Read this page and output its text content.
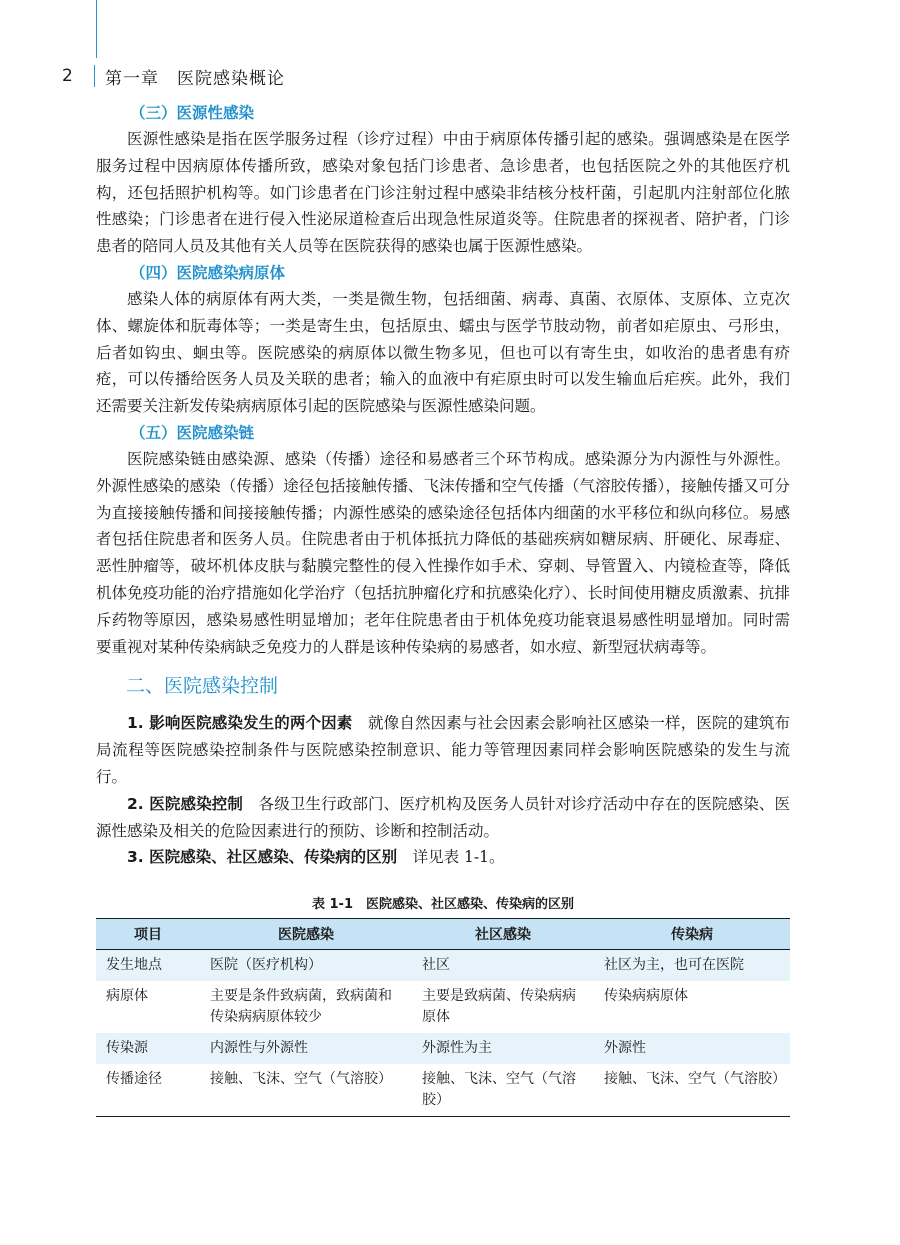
2	第一章　医院感染概论
（三）医源性感染

医源性感染是指在医学服务过程（诊疗过程）中由于病原体传播引起的感染。强调感染是在医学服务过程中因病原体传播所致，感染对象包括门诊患者、急诊患者，也包括医院之外的其他医疗机构，还包括照护机构等。如门诊患者在门诊注射过程中感染非结核分枝杆菌，引起肌内注射部位化脓性感染；门诊患者在进行侵入性泌尿道检查后出现急性尿道炎等。住院患者的探视者、陪护者，门诊患者的陪同人员及其他有关人员等在医院获得的感染也属于医源性感染。

（四）医院感染病原体

感染人体的病原体有两大类，一类是微生物，包括细菌、病毒、真菌、衣原体、支原体、立克次体、螺旋体和朊毒体等；一类是寄生虫，包括原虫、蠕虫与医学节肢动物，前者如疟原虫、弓形虫，后者如钩虫、蛔虫等。医院感染的病原体以微生物多见，但也可以有寄生虫，如收治的患者患有疥疮，可以传播给医务人员及关联的患者；输入的血液中有疟原虫时可以发生输血后疟疾。此外，我们还需要关注新发传染病病原体引起的医院感染与医源性感染问题。

（五）医院感染链

医院感染链由感染源、感染（传播）途径和易感者三个环节构成。感染源分为内源性与外源性。外源性感染的感染（传播）途径包括接触传播、飞沫传播和空气传播（气溶胶传播），接触传播又可分为直接接触传播和间接接触传播；内源性感染的感染途径包括体内细菌的水平移位和纵向移位。易感者包括住院患者和医务人员。住院患者由于机体抵抗力降低的基础疾病如糖尿病、肝硬化、尿毒症、恶性肿瘤等，破坏机体皮肤与黏膜完整性的侵入性操作如手术、穿刺、导管置入、内镜检查等，降低机体免疫功能的治疗措施如化学治疗（包括抗肿瘤化疗和抗感染化疗）、长时间使用糖皮质激素、抗排斥药物等原因，感染易感性明显增加；老年住院患者由于机体免疫功能衰退易感性明显增加。同时需要重视对某种传染病缺乏免疫力的人群是该种传染病的易感者，如水痘、新型冠状病毒等。

二、医院感染控制

1. 影响医院感染发生的两个因素　就像自然因素与社会因素会影响社区感染一样，医院的建筑布局流程等医院感染控制条件与医院感染控制意识、能力等管理因素同样会影响医院感染的发生与流行。

2. 医院感染控制　各级卫生行政部门、医疗机构及医务人员针对诊疗活动中存在的医院感染、医源性感染及相关的危险因素进行的预防、诊断和控制活动。

3. 医院感染、社区感染、传染病的区别　详见表 1-1。

表 1-1　医院感染、社区感染、传染病的区别
项目	医院感染	社区感染	传染病
发生地点	医院（医疗机构）	社区	社区为主，也可在医院
病原体	主要是条件致病菌，致病菌和传染病病原体较少	主要是致病菌、传染病病原体	传染病病原体
传染源	内源性与外源性	外源性为主	外源性
传播途径	接触、飞沫、空气（气溶胶）	接触、飞沫、空气（气溶胶）	接触、飞沫、空气（气溶胶）
